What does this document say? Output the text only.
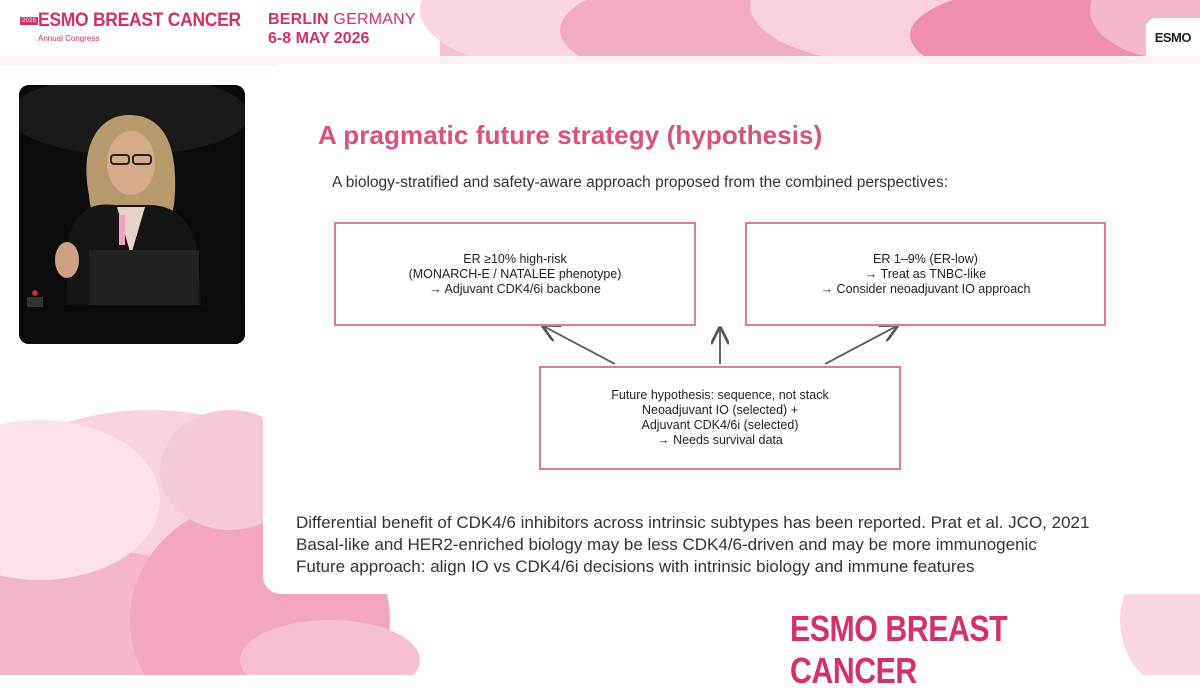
2026 ESMO BREAST CANCER
Annual Congress
BERLIN GERMANY
6-8 MAY 2026	ESMO
A pragmatic future strategy (hypothesis)
A biology-stratified and safety-aware approach proposed from the combined perspectives:
ER ≥10% high-risk
(MONARCH-E / NATALEE phenotype)
→ Adjuvant CDK4/6i backbone
ER 1–9% (ER-low)
→ Treat as TNBC-like
→ Consider neoadjuvant IO approach
Future hypothesis: sequence, not stack
Neoadjuvant IO (selected) +
Adjuvant CDK4/6i (selected)
→ Needs survival data
Differential benefit of CDK4/6 inhibitors across intrinsic subtypes has been reported. Prat et al. JCO, 2021
Basal-like and HER2-enriched biology may be less CDK4/6-driven and may be more immunogenic
Future approach: align IO vs CDK4/6i decisions with intrinsic biology and immune features
ESMO BREAST CANCER
